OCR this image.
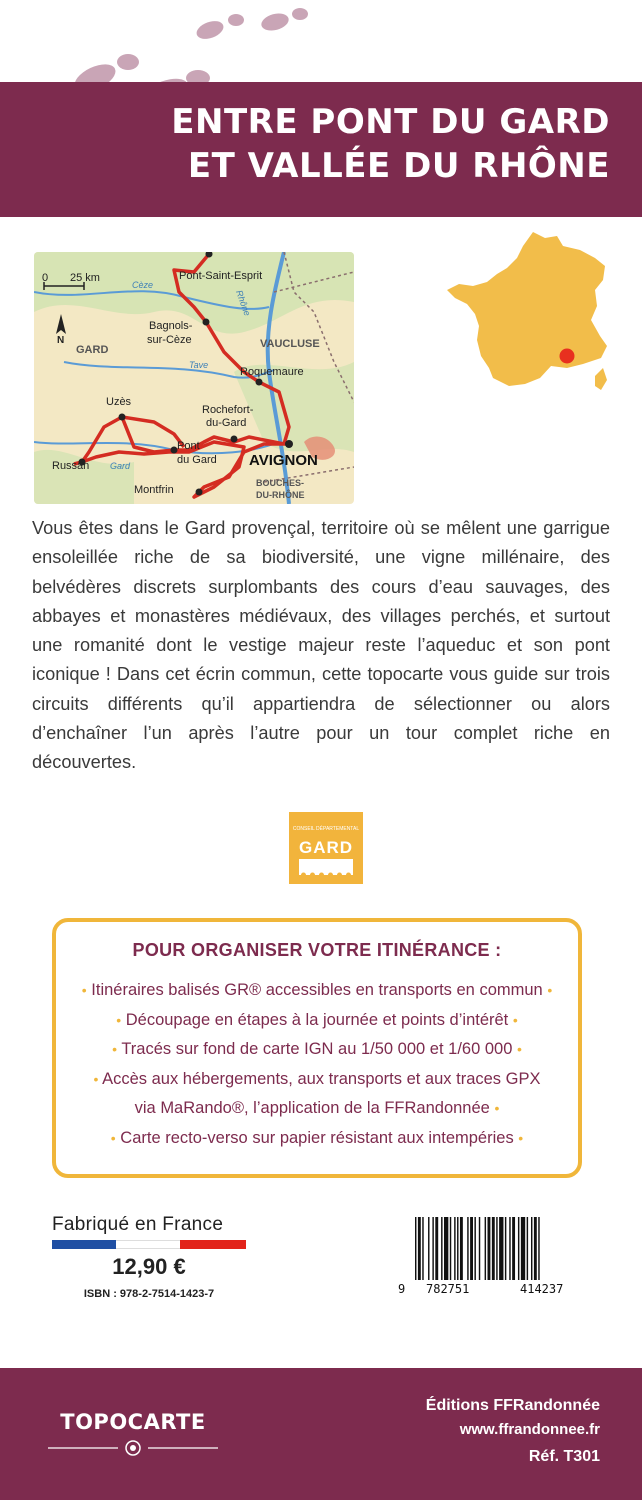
ENTRE PONT DU GARD
ET VALLÉE DU RHÔNE
0 25 km
N
Pont-Saint-Esprit
Bagnols-
sur-Cèze
GARD	VAUCLUSE
Roquemaure
Uzès
Rochefort-
du-Gard
Pont
du Gard AVIGNON
Russan
Montfrin
BOUCHES-
DU-RHÔNE
Cèze
Rhône
Tave
Gard
Vous êtes dans le Gard provençal, territoire où se mêlent une garrigue ensoleillée riche de sa biodiversité, une vigne millénaire, des belvédères discrets surplombants des cours d’eau sauvages, des abbayes et monastères médiévaux, des villages perchés, et surtout une romanité dont le vestige majeur reste l’aqueduc et son pont iconique ! Dans cet écrin commun, cette topocarte vous guide sur trois circuits différents qu’il appartiendra de sélectionner ou alors d’enchaîner l’un après l’autre pour un tour complet riche en découvertes.
CONSEIL DÉPARTEMENTAL
GARD
POUR ORGANISER VOTRE ITINÉRANCE :
• Itinéraires balisés GR® accessibles en transports en commun •
• Découpage en étapes à la journée et points d’intérêt •
• Tracés sur fond de carte IGN au 1/50 000 et 1/60 000 •
• Accès aux hébergements, aux transports et aux traces GPX
via MaRando®, l’application de la FFRandonnée •
• Carte recto-verso sur papier résistant aux intempéries •
Fabriqué en France
12,90 €
ISBN : 978-2-7514-1423-7	9 782751	414237
TOPOCARTE
Éditions FFRandonnée
www.ffrandonnee.fr
Réf. T301
